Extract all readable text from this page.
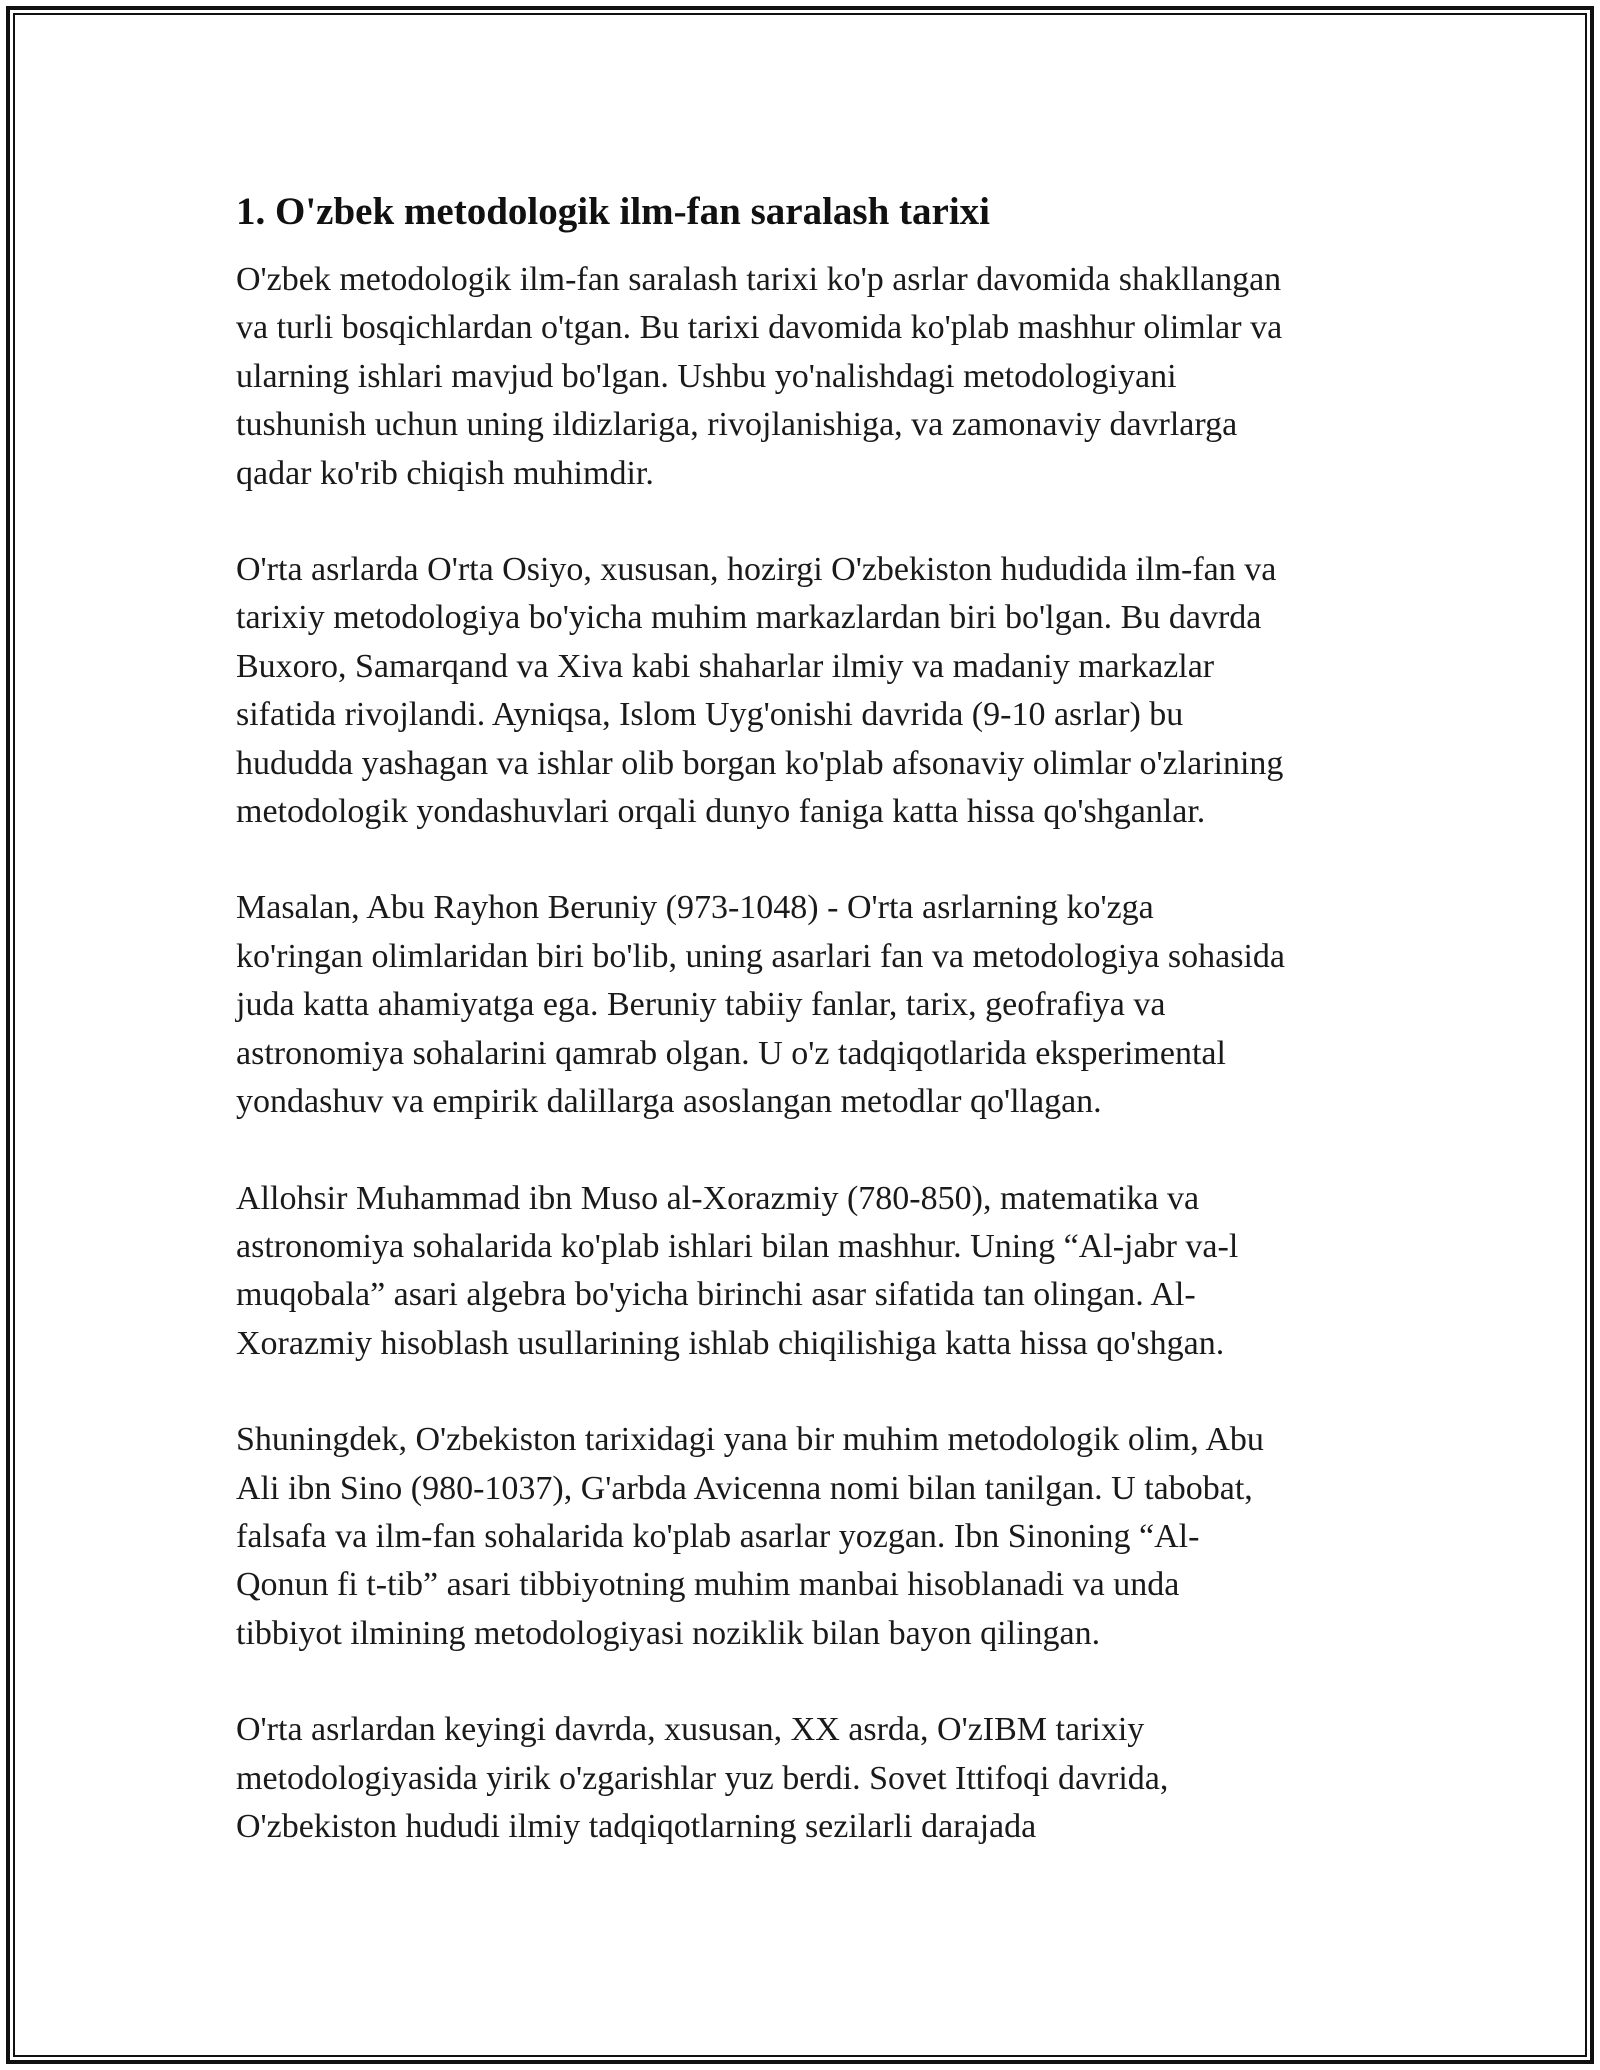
1. O'zbek metodologik ilm-fan saralash tarixi

O'zbek metodologik ilm-fan saralash tarixi ko'p asrlar davomida shakllangan
va turli bosqichlardan o'tgan. Bu tarixi davomida ko'plab mashhur olimlar va
ularning ishlari mavjud bo'lgan. Ushbu yo'nalishdagi metodologiyani
tushunish uchun uning ildizlariga, rivojlanishiga, va zamonaviy davrlarga
qadar ko'rib chiqish muhimdir.

O'rta asrlarda O'rta Osiyo, xususan, hozirgi O'zbekiston hududida ilm-fan va
tarixiy metodologiya bo'yicha muhim markazlardan biri bo'lgan. Bu davrda
Buxoro, Samarqand va Xiva kabi shaharlar ilmiy va madaniy markazlar
sifatida rivojlandi. Ayniqsa, Islom Uyg'onishi davrida (9-10 asrlar) bu
hududda yashagan va ishlar olib borgan ko'plab afsonaviy olimlar o'zlarining
metodologik yondashuvlari orqali dunyo faniga katta hissa qo'shganlar.

Masalan, Abu Rayhon Beruniy (973-1048) - O'rta asrlarning ko'zga
ko'ringan olimlaridan biri bo'lib, uning asarlari fan va metodologiya sohasida
juda katta ahamiyatga ega. Beruniy tabiiy fanlar, tarix, geofrafiya va
astronomiya sohalarini qamrab olgan. U o'z tadqiqotlarida eksperimental
yondashuv va empirik dalillarga asoslangan metodlar qo'llagan.

Allohsir Muhammad ibn Muso al-Xorazmiy (780-850), matematika va
astronomiya sohalarida ko'plab ishlari bilan mashhur. Uning “Al-jabr va-l
muqobala” asari algebra bo'yicha birinchi asar sifatida tan olingan. Al-
Xorazmiy hisoblash usullarining ishlab chiqilishiga katta hissa qo'shgan.

Shuningdek, O'zbekiston tarixidagi yana bir muhim metodologik olim, Abu
Ali ibn Sino (980-1037), G'arbda Avicenna nomi bilan tanilgan. U tabobat,
falsafa va ilm-fan sohalarida ko'plab asarlar yozgan. Ibn Sinoning “Al-
Qonun fi t-tib” asari tibbiyotning muhim manbai hisoblanadi va unda
tibbiyot ilmining metodologiyasi noziklik bilan bayon qilingan.

O'rta asrlardan keyingi davrda, xususan, XX asrda, O'zIBM tarixiy
metodologiyasida yirik o'zgarishlar yuz berdi. Sovet Ittifoqi davrida,
O'zbekiston hududi ilmiy tadqiqotlarning sezilarli darajada
